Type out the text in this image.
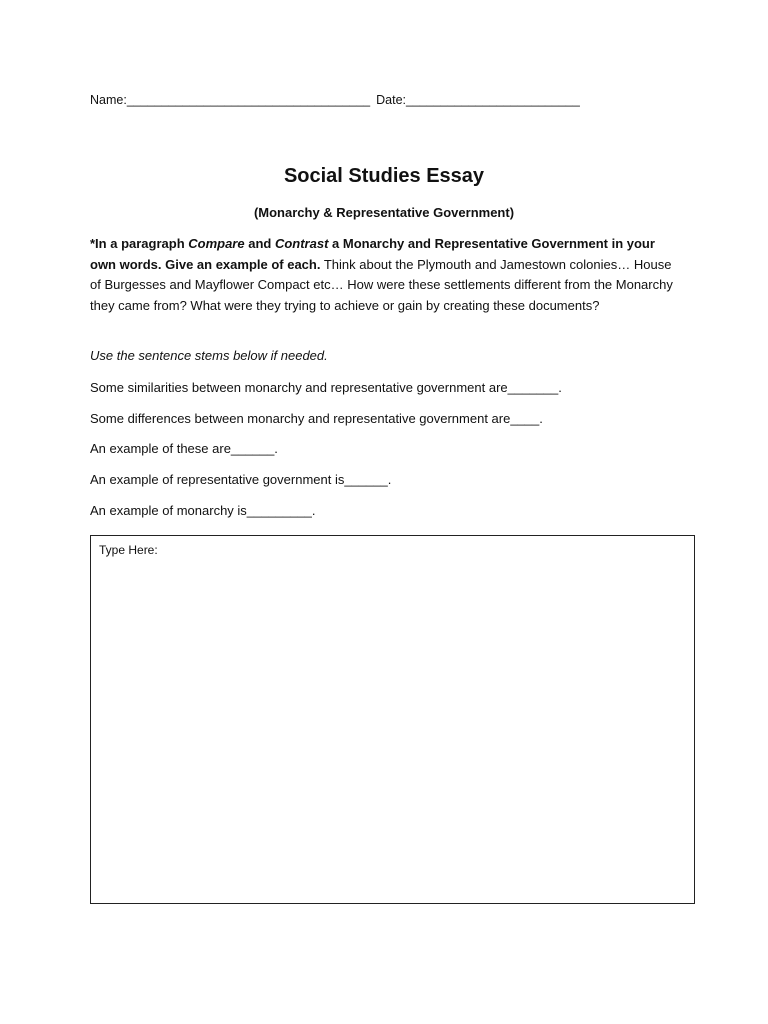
Name:___________________________________ Date:_________________________
Social Studies Essay
(Monarchy & Representative Government)
*In a paragraph Compare and Contrast a Monarchy and Representative Government in your own words. Give an example of each. Think about the Plymouth and Jamestown colonies… House of Burgesses and Mayflower Compact etc… How were these settlements different from the Monarchy they came from? What were they trying to achieve or gain by creating these documents?
Use the sentence stems below if needed.
Some similarities between monarchy and representative government are_______.
Some differences between monarchy and representative government are____.
An example of these are______.
An example of representative government is______.
An example of monarchy is_________.
Type Here:
